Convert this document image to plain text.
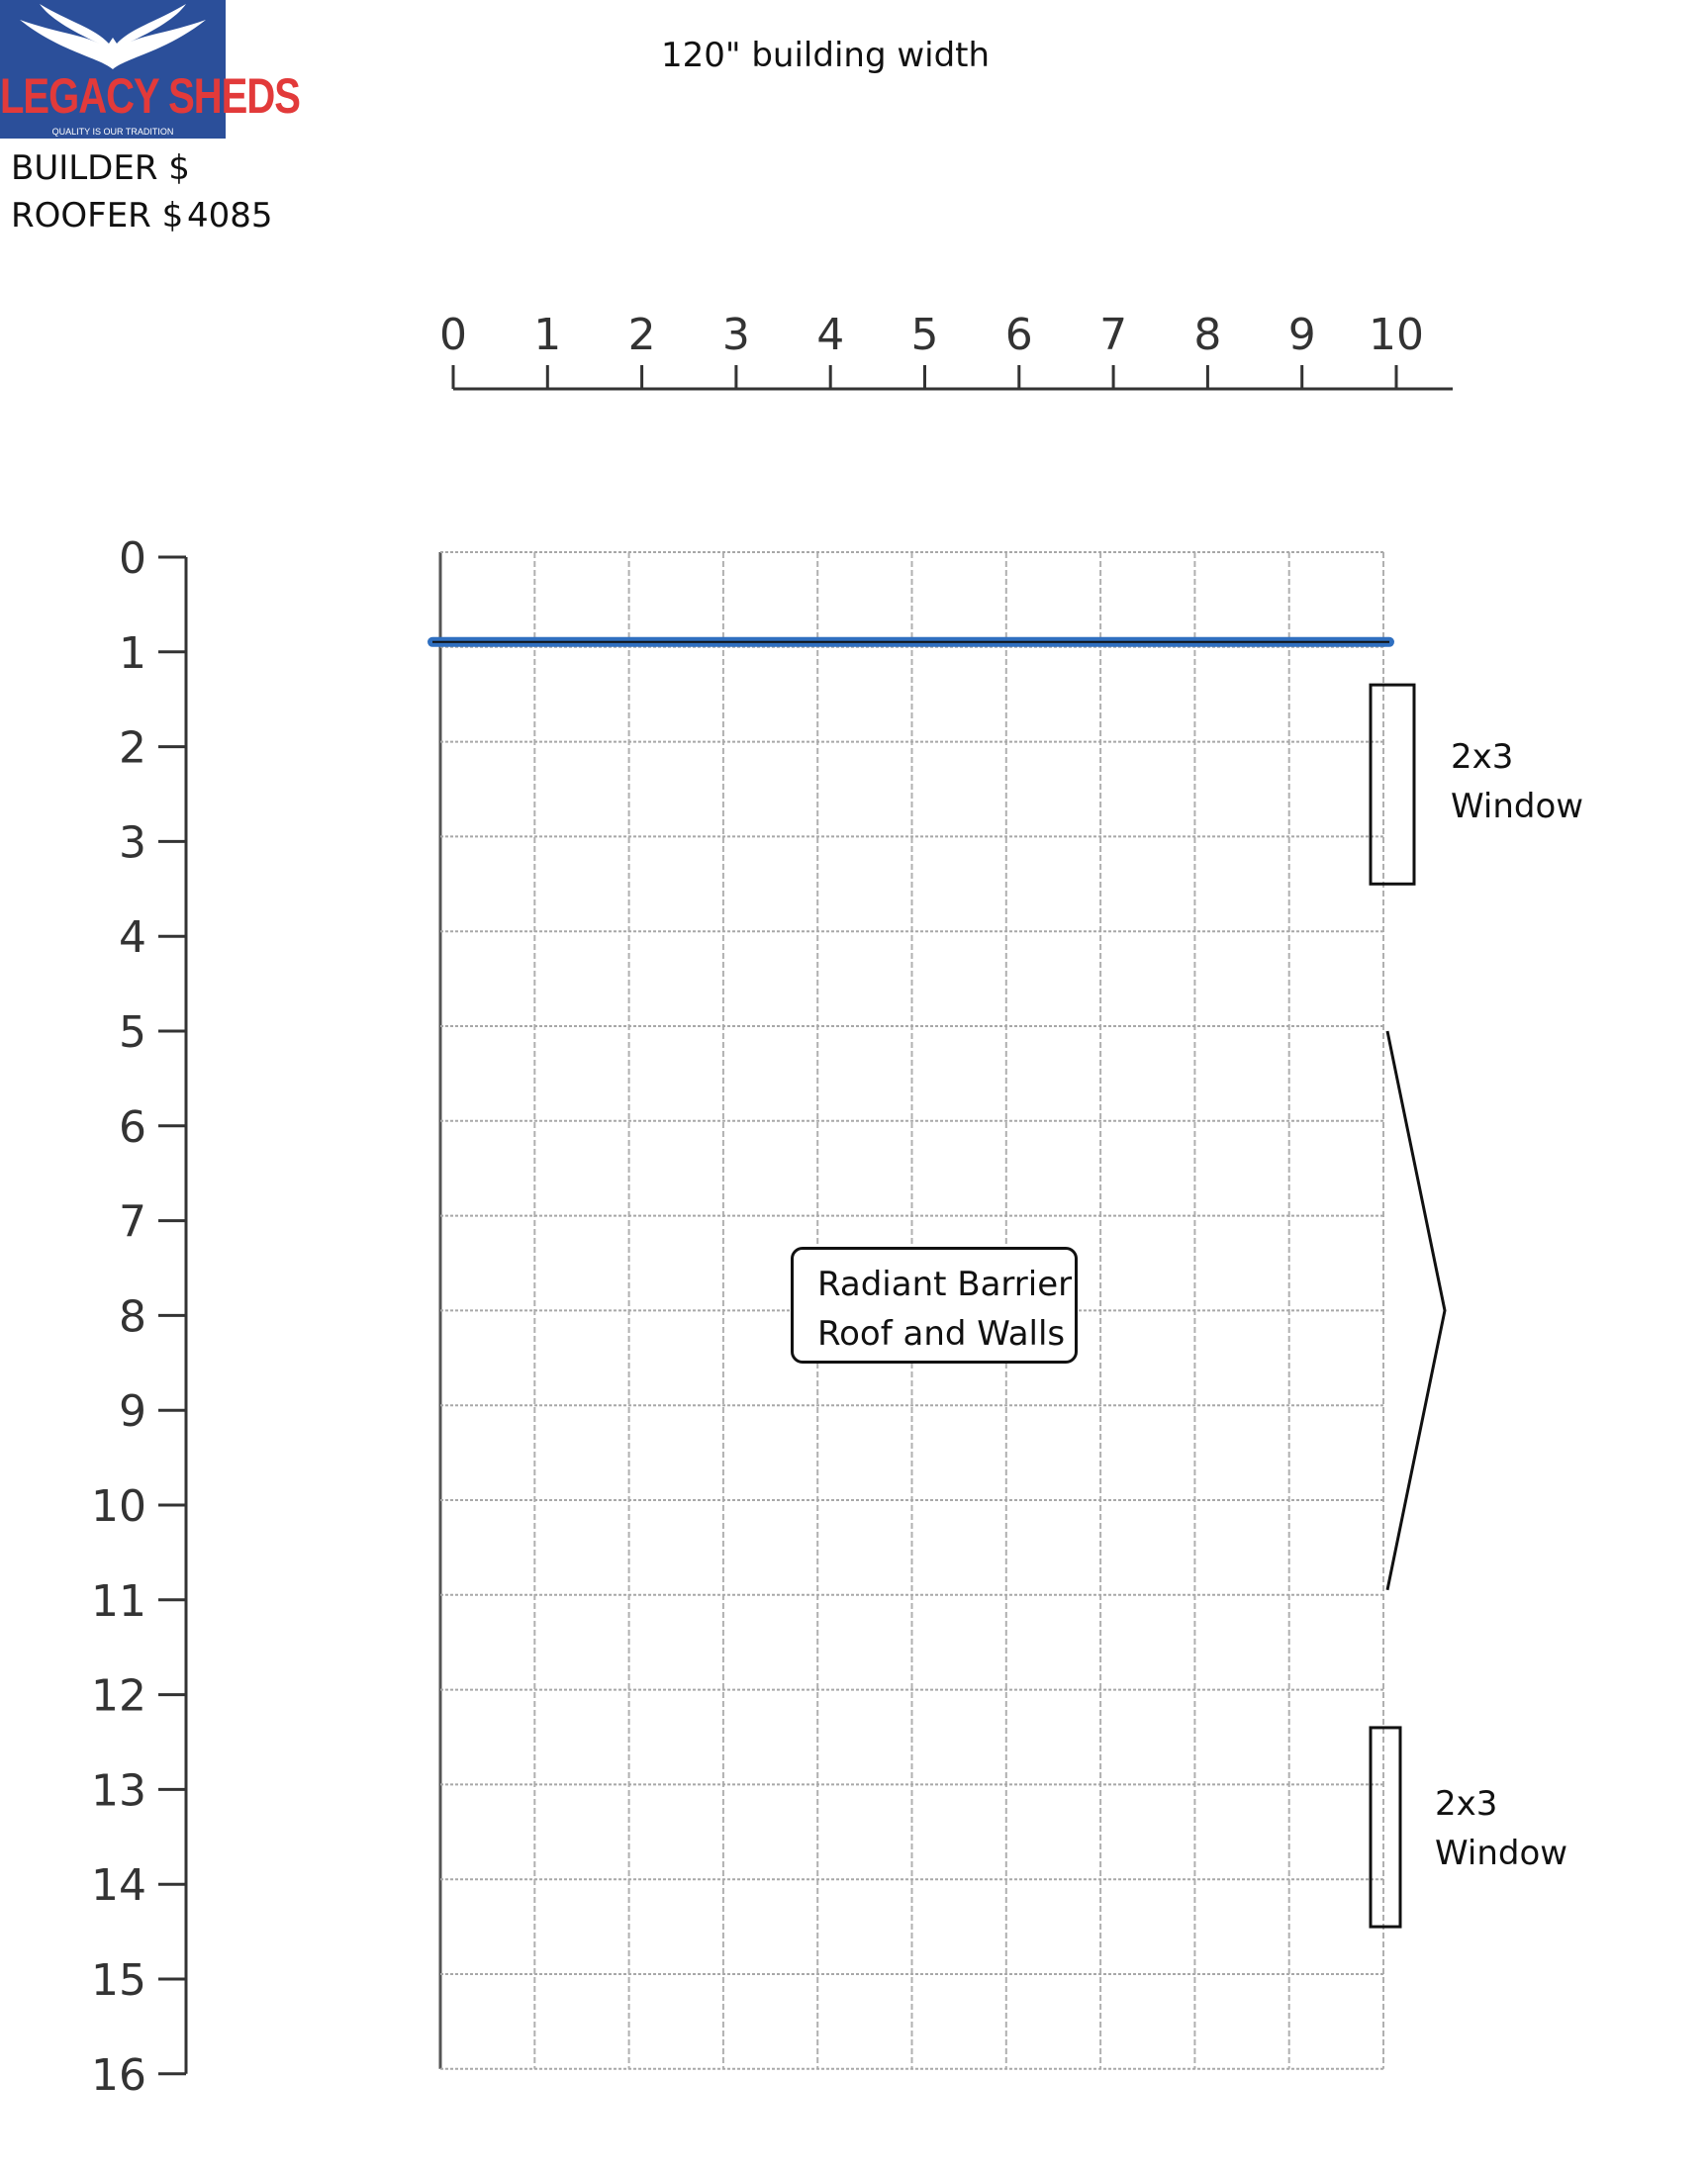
LEGACY SHEDS
QUALITY IS OUR TRADITION
BUILDER $
ROOFER $ 4085
120" building width
0 1 2 3 4 5 6 7 8 9 10
0
1
2
3
4
5
6
7
8
9
10
11
12
13
14
15
16
2x3
Window
2x3
Window
Radiant Barrier
Roof and Walls
